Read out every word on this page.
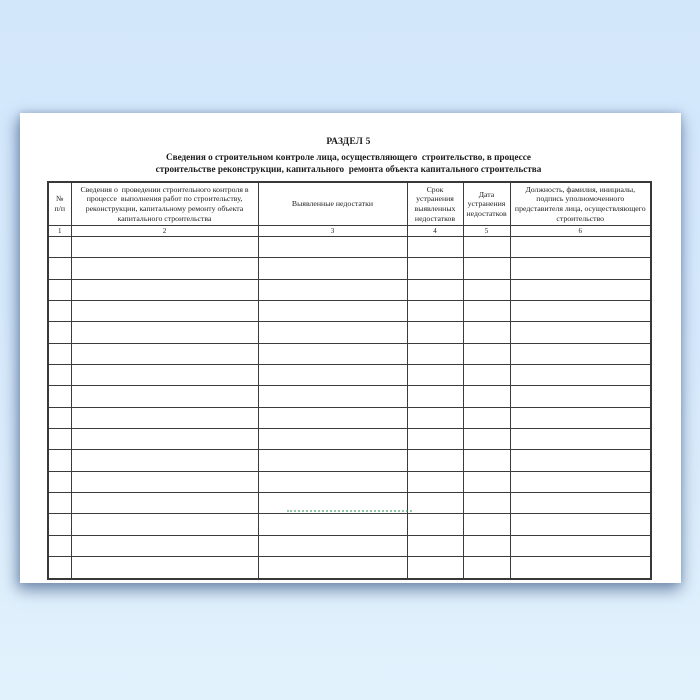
РАЗДЕЛ 5
Сведения о строительном контроле лица, осуществляющего  строительство, в процессе
строительстве реконструкции, капитального  ремонта объекта капитального строительства
№ п/п	Сведения о  проведении строительного контроля в процессе  выполнения работ по строительству, реконструкции, капитальному ремонту объекта капитального строительства	Выявленные недостатки	Срок устранения выявленных недостатков	Дата устранения недостатков	Должность, фамилия, инициалы, подпись уполномоченного представителя лица, осуществляющего строительство
1	2	3	4	5	6
